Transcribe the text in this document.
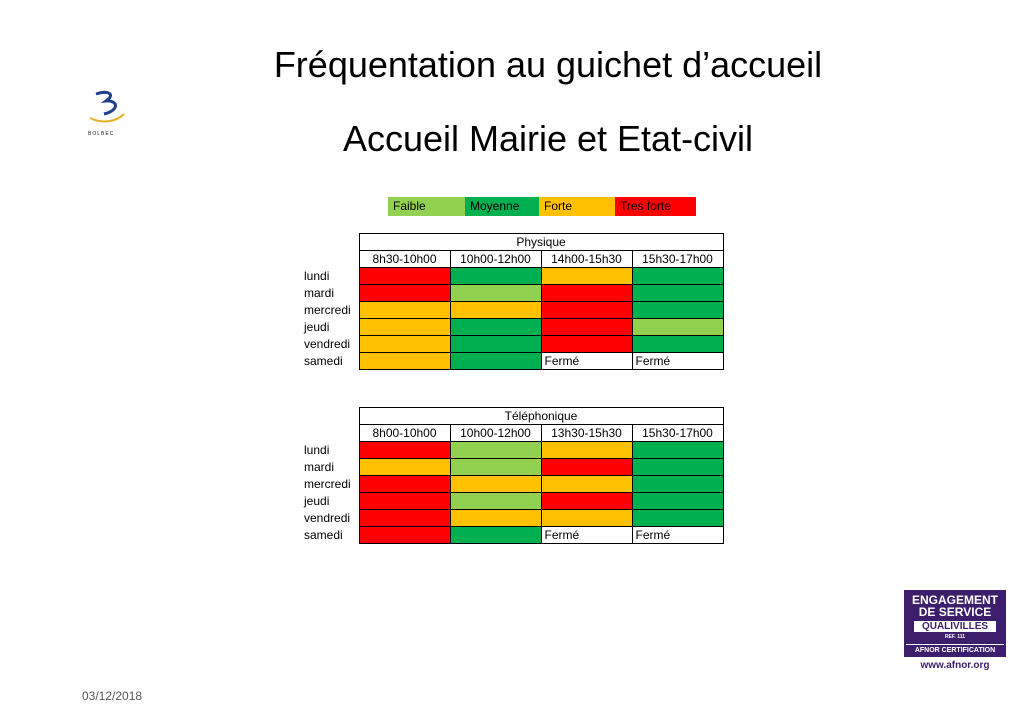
Fréquentation au guichet d’accueil
Accueil Mairie et Etat-civil
BOLBEC
Faible	Moyenne	Forte	Tres forte
	Physique			
	8h30-10h00	10h00-12h00	14h00-15h30	15h30-17h00
lundi				
mardi				
mercredi				
jeudi				
vendredi				
samedi			Fermé	Fermé
	Téléphonique			
	8h00-10h00	10h00-12h00	13h30-15h30	15h30-17h00
lundi				
mardi				
mercredi				
jeudi				
vendredi				
samedi			Fermé	Fermé
03/12/2018
ENGAGEMENT
DE SERVICE
QUALIVILLES
REF. 111
AFNOR CERTIFICATION
www.afnor.org
